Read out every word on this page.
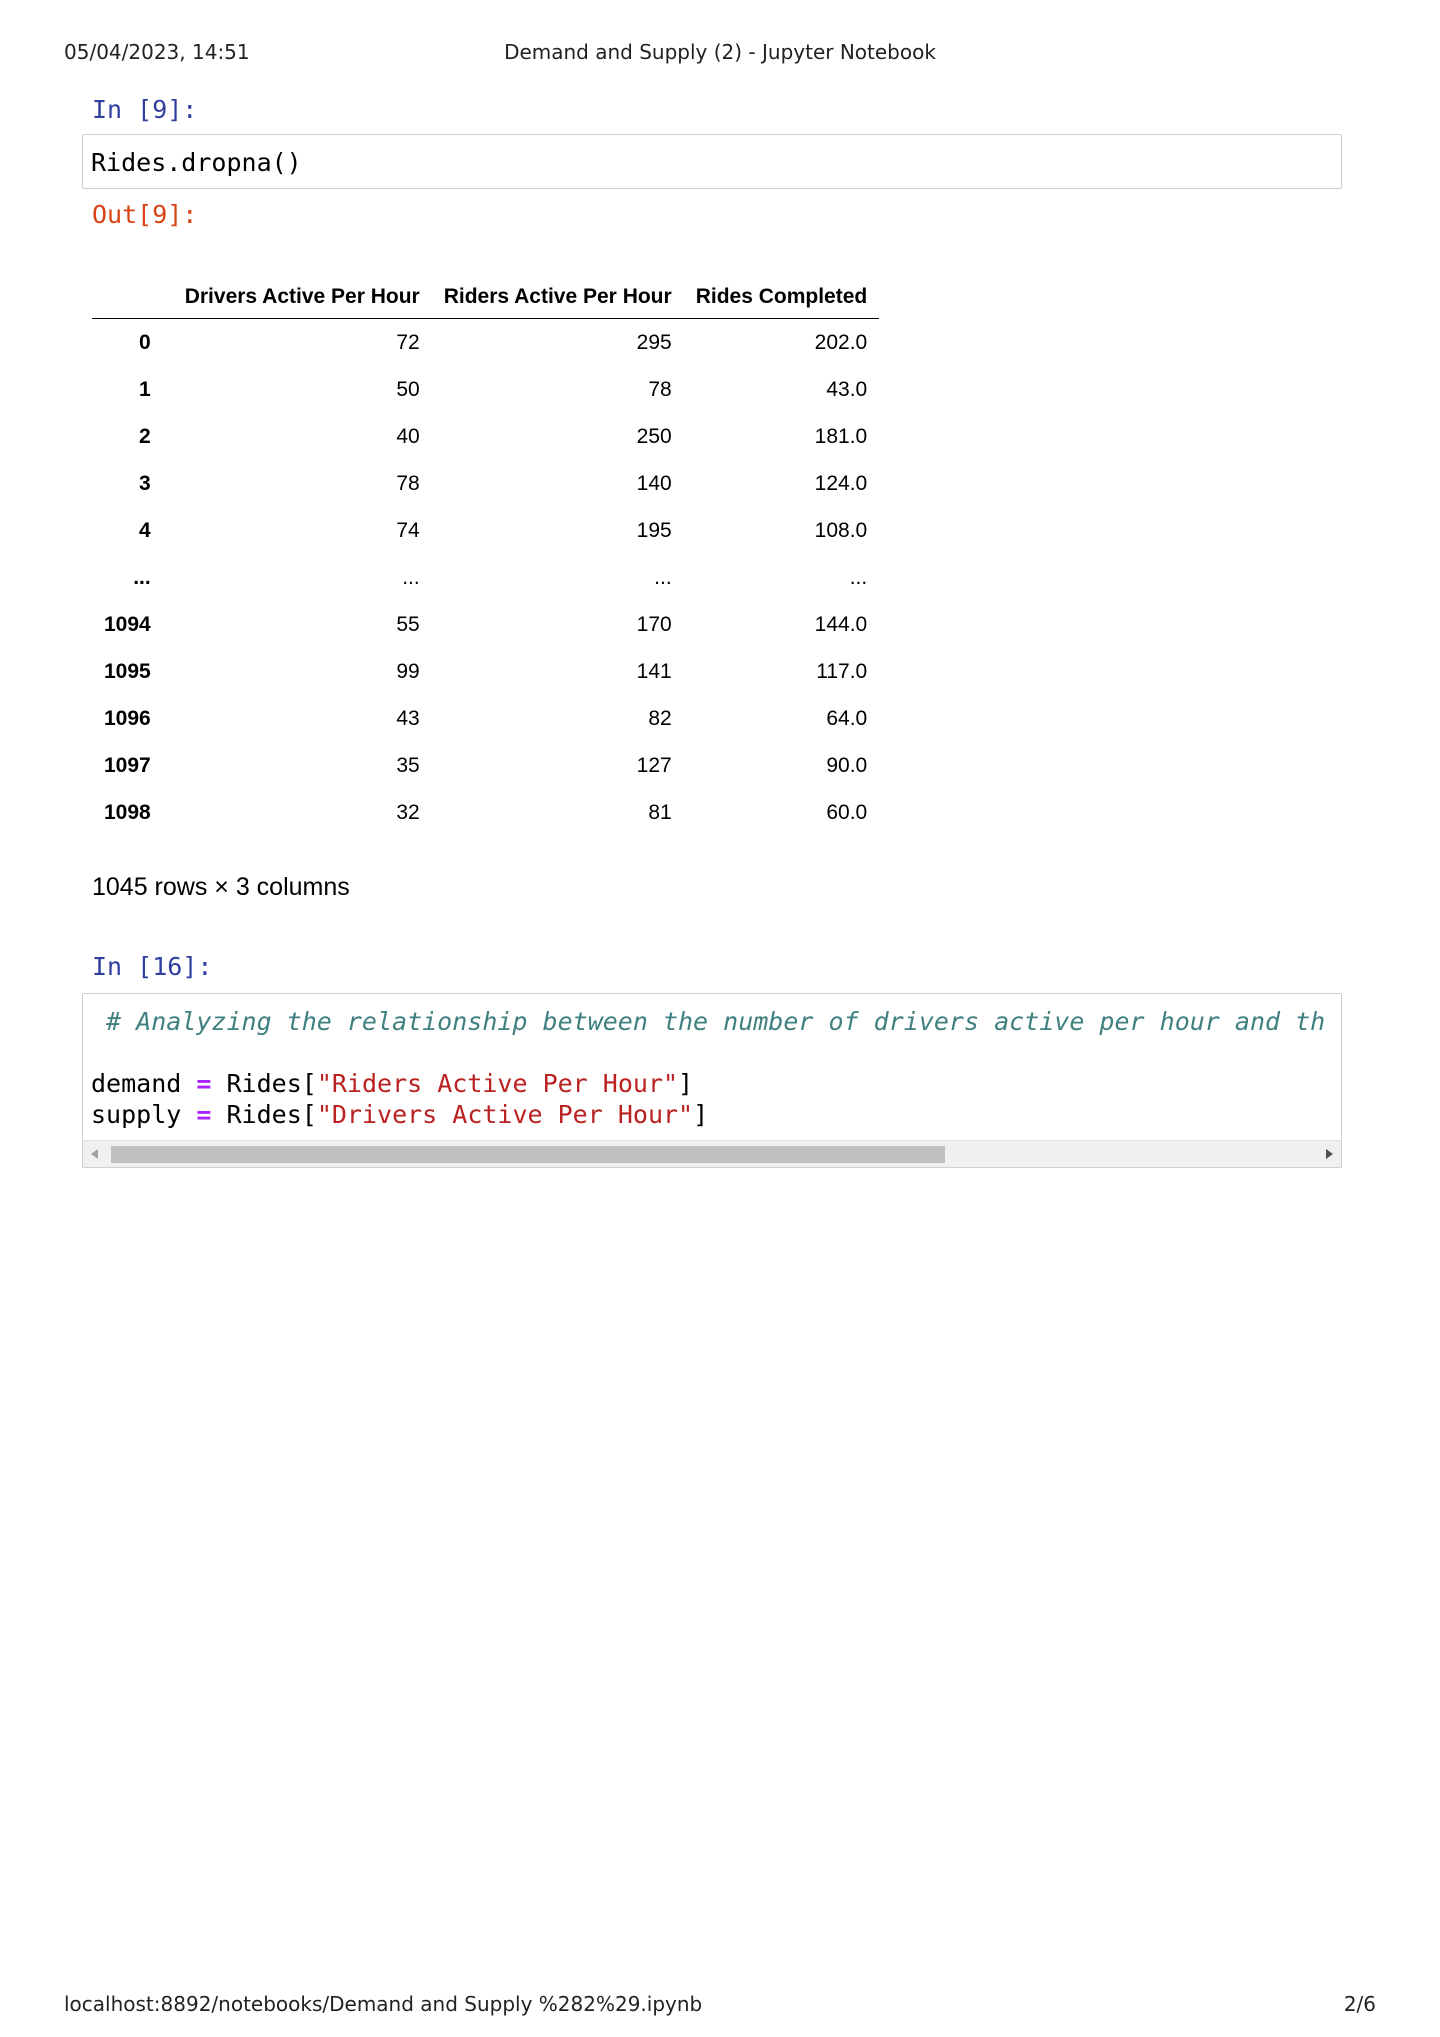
05/04/2023, 14:51	Demand and Supply (2) - Jupyter Notebook
In [9]:
Rides.dropna()
Out[9]:
	Drivers Active Per Hour	Riders Active Per Hour	Rides Completed
0	72	295	202.0
1	50	78	43.0
2	40	250	181.0
3	78	140	124.0
4	74	195	108.0
...	...	...	...
1094	55	170	144.0
1095	99	141	117.0
1096	43	82	64.0
1097	35	127	90.0
1098	32	81	60.0
1045 rows × 3 columns
In [16]:
# Analyzing the relationship between the number of drivers active per hour and th
demand = Rides["Riders Active Per Hour"]
supply = Rides["Drivers Active Per Hour"]
localhost:8892/notebooks/Demand and Supply %282%29.ipynb	2/6
